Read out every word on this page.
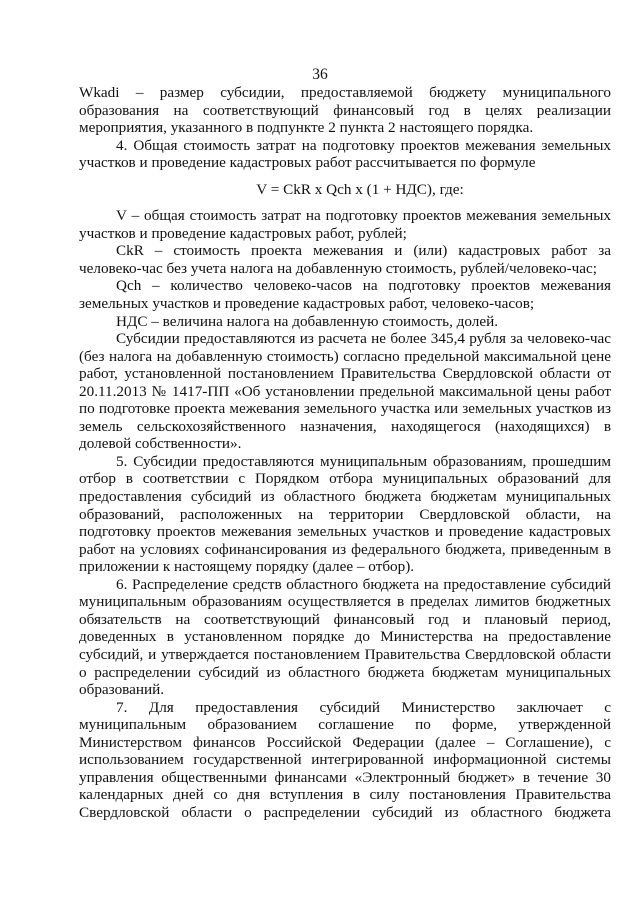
36

Wkadi – размер субсидии, предоставляемой бюджету муниципального образования на соответствующий финансовый год в целях реализации мероприятия, указанного в подпункте 2 пункта 2 настоящего порядка.

4. Общая стоимость затрат на подготовку проектов межевания земельных участков и проведение кадастровых работ рассчитывается по формуле

V = CkR x Qch x (1 + НДС), где:

V – общая стоимость затрат на подготовку проектов межевания земельных участков и проведение кадастровых работ, рублей;

CkR – стоимость проекта межевания и (или) кадастровых работ за человеко-час без учета налога на добавленную стоимость, рублей/человеко-час;

Qch – количество человеко-часов на подготовку проектов межевания земельных участков и проведение кадастровых работ, человеко-часов;

НДС – величина налога на добавленную стоимость, долей.

Субсидии предоставляются из расчета не более 345,4 рубля за человеко-час (без налога на добавленную стоимость) согласно предельной максимальной цене работ, установленной постановлением Правительства Свердловской области от 20.11.2013 № 1417-ПП «Об установлении предельной максимальной цены работ по подготовке проекта межевания земельного участка или земельных участков из земель сельскохозяйственного назначения, находящегося (находящихся) в долевой собственности».

5. Субсидии предоставляются муниципальным образованиям, прошедшим отбор в соответствии с Порядком отбора муниципальных образований для предоставления субсидий из областного бюджета бюджетам муниципальных образований, расположенных на территории Свердловской области, на подготовку проектов межевания земельных участков и проведение кадастровых работ на условиях софинансирования из федерального бюджета, приведенным в приложении к настоящему порядку (далее – отбор).

6. Распределение средств областного бюджета на предоставление субсидий муниципальным образованиям осуществляется в пределах лимитов бюджетных обязательств на соответствующий финансовый год и плановый период, доведенных в установленном порядке до Министерства на предоставление субсидий, и утверждается постановлением Правительства Свердловской области о распределении субсидий из областного бюджета бюджетам муниципальных образований.

7. Для предоставления субсидий Министерство заключает с муниципальным образованием соглашение по форме, утвержденной Министерством финансов Российской Федерации (далее – Соглашение), с использованием государственной интегрированной информационной системы управления общественными финансами «Электронный бюджет» в течение 30 календарных дней со дня вступления в силу постановления Правительства Свердловской области о распределении субсидий из областного бюджета
